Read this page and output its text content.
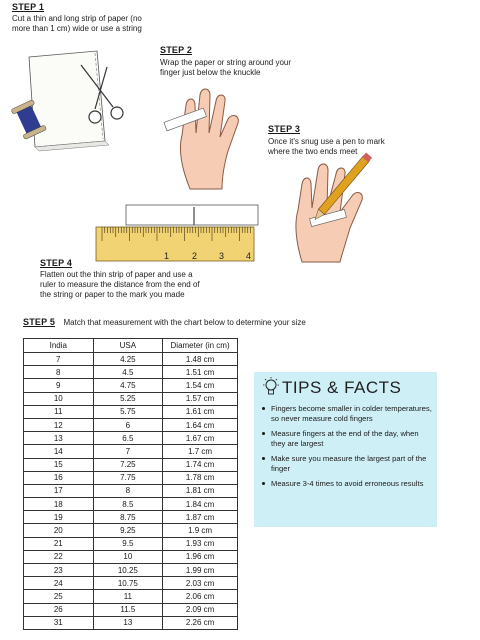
STEP 1
Cut a thin and long strip of paper (no
more than 1 cm) wide or use a string
STEP 2
Wrap the paper or string around your
finger just below the knuckle
STEP 3
Once it's snug use a pen to mark
where the two ends meet
1	2 3 4
STEP 4
Flatten out the thin strip of paper and use a
ruler to measure the distance from the end of
the string or paper to the mark you made
STEP 5 Match that measurement with the chart below to determine your size
India	USA	Diameter (in cm)
7	4.25	1.48 cm
8	4.5	1.51 cm
9	4.75	1.54 cm
10	5.25	1.57 cm
11	5.75	1.61 cm
12	6	1.64 cm
13	6.5	1.67 cm
14	7	1.7 cm
15	7.25	1.74 cm
16	7.75	1.78 cm
17	8	1.81 cm
18	8.5	1.84 cm
19	8.75	1.87 cm
20	9.25	1.9 cm
21	9.5	1.93 cm
22	10	1.96 cm
23	10.25	1.99 cm
24	10.75	2.03 cm
25	11	2.06 cm
26	11.5	2.09 cm
31	13	2.26 cm
TIPS & FACTS
Fingers become smaller in colder temperatures, so never measure cold fingers
Measure fingers at the end of the day, when they are largest
Make sure you measure the largest part of the finger
Measure 3-4 times to avoid erroneous results
